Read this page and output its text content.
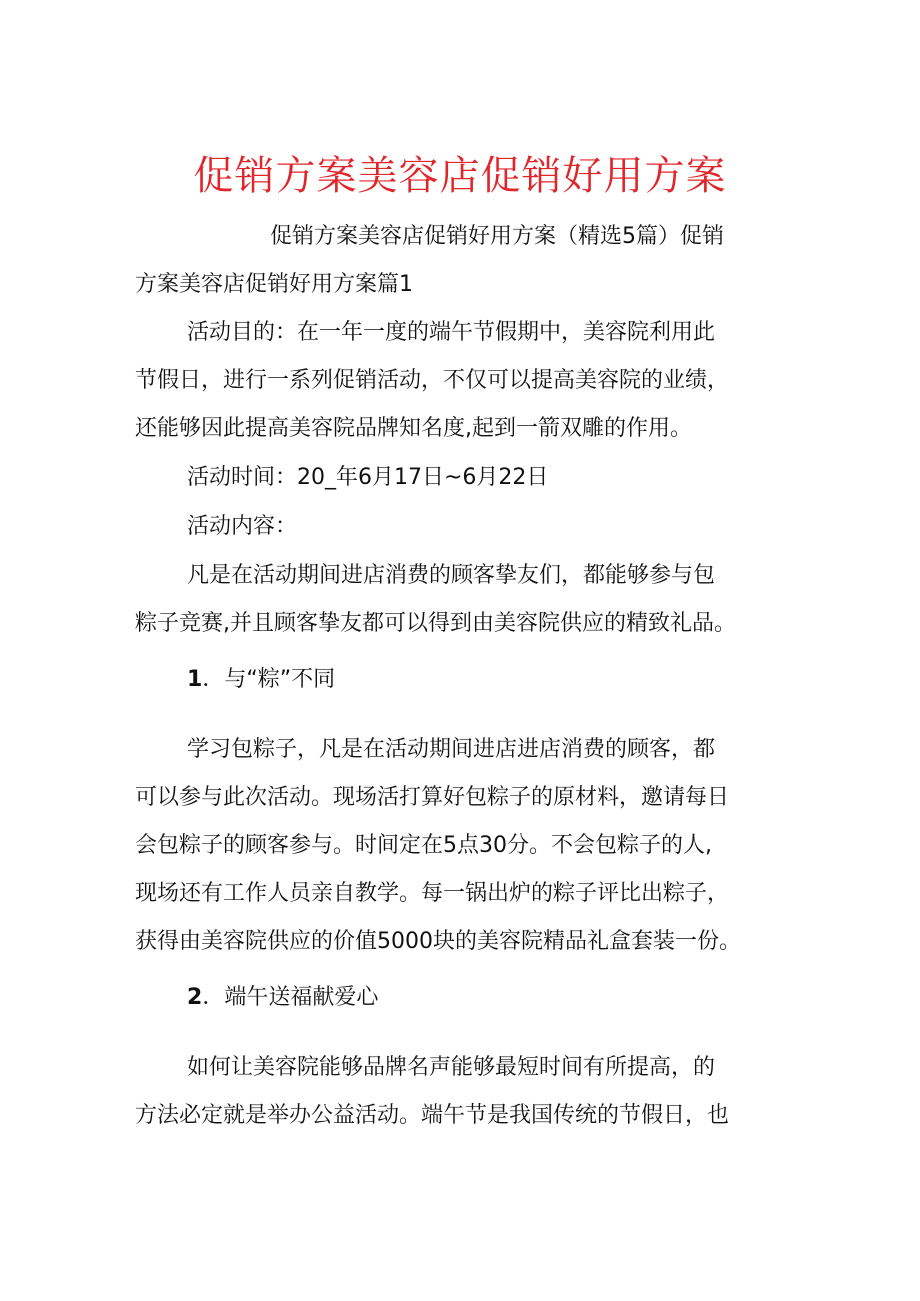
促销方案美容店促销好用方案

促销方案美容店促销好用方案（精选5篇）促销

方案美容店促销好用方案篇1

活动目的：在一年一度的端午节假期中，美容院利用此

节假日，进行一系列促销活动，不仅可以提高美容院的业绩，

还能够因此提高美容院品牌知名度,起到一箭双雕的作用。

活动时间：20_年6月17日~6月22日

活动内容：

凡是在活动期间进店消费的顾客挚友们，都能够参与包

粽子竞赛,并且顾客挚友都可以得到由美容院供应的精致礼品。

1．与“粽”不同

学习包粽子，凡是在活动期间进店进店消费的顾客，都

可以参与此次活动。现场活打算好包粽子的原材料，邀请每日

会包粽子的顾客参与。时间定在5点30分。不会包粽子的人,

现场还有工作人员亲自教学。每一锅出炉的粽子评比出粽子，

获得由美容院供应的价值5000块的美容院精品礼盒套装一份。

2．端午送福献爱心

如何让美容院能够品牌名声能够最短时间有所提高，的

方法必定就是举办公益活动。端午节是我国传统的节假日，也
